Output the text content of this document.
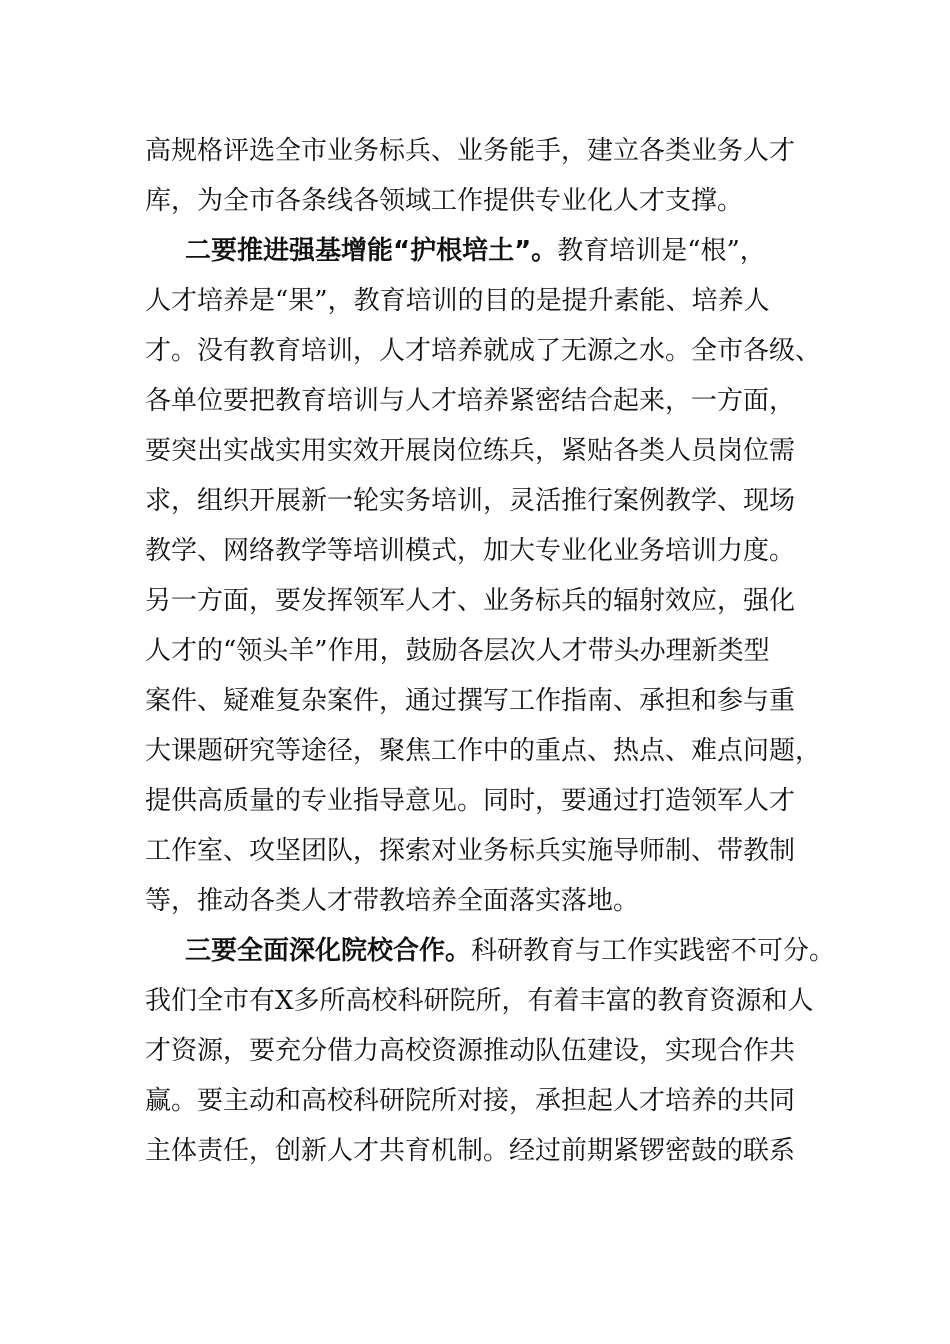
高规格评选全市业务标兵、业务能手，建立各类业务人才
库，为全市各条线各领域工作提供专业化人才支撑。
二要推进强基增能“护根培土”。教育培训是“根”，
人才培养是“果”，教育培训的目的是提升素能、培养人
才。没有教育培训，人才培养就成了无源之水。全市各级、
各单位要把教育培训与人才培养紧密结合起来，一方面，
要突出实战实用实效开展岗位练兵，紧贴各类人员岗位需
求，组织开展新一轮实务培训，灵活推行案例教学、现场
教学、网络教学等培训模式，加大专业化业务培训力度。
另一方面，要发挥领军人才、业务标兵的辐射效应，强化
人才的“领头羊”作用，鼓励各层次人才带头办理新类型
案件、疑难复杂案件，通过撰写工作指南、承担和参与重
大课题研究等途径，聚焦工作中的重点、热点、难点问题，
提供高质量的专业指导意见。同时，要通过打造领军人才
工作室、攻坚团队，探索对业务标兵实施导师制、带教制
等，推动各类人才带教培养全面落实落地。
三要全面深化院校合作。科研教育与工作实践密不可分。
我们全市有X多所高校科研院所，有着丰富的教育资源和人
才资源，要充分借力高校资源推动队伍建设，实现合作共
赢。要主动和高校科研院所对接，承担起人才培养的共同
主体责任，创新人才共育机制。经过前期紧锣密鼓的联系
